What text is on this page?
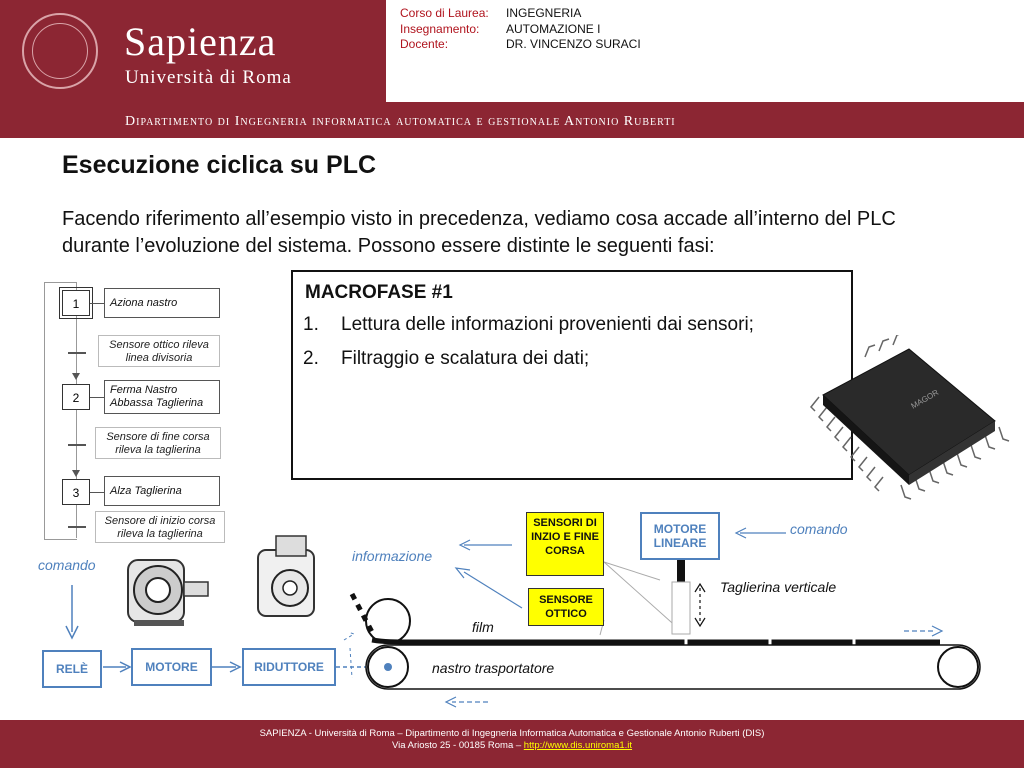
Sapienza
Università di Roma
Corso di Laurea: INGEGNERIA
Insegnamento: AUTOMAZIONE I
Docente:	DR. VINCENZO SURACI
Dipartimento di Ingegneria informatica automatica e gestionale Antonio Ruberti
Esecuzione ciclica su PLC
Facendo riferimento all’esempio visto in precedenza, vediamo cosa accade all’interno del PLC durante l’evoluzione del sistema. Possono essere distinte le seguenti fasi:
1	Aziona nastro
Sensore ottico rileva linea divisoria
2
Ferma Nastro Abbassa Taglierina
Sensore di fine corsa rileva la taglierina
3	Alza Taglierina
Sensore di inizio corsa rileva la taglierina
MACROFASE #1
1. Lettura delle informazioni provenienti dai sensori;
2. Filtraggio e scalatura dei dati;
MAGOR
comando
RELÈ	MOTORE	RIDUTTORE
informazione
SENSORI DI INZIO E FINE CORSA
SENSORE OTTICO
MOTORE LINEARE
comando
Taglierina verticale
film
nastro trasportatore
SAPIENZA - Università di Roma – Dipartimento di Ingegneria Informatica Automatica e Gestionale Antonio Ruberti (DIS)
Via Ariosto 25 - 00185 Roma – http://www.dis.uniroma1.it
